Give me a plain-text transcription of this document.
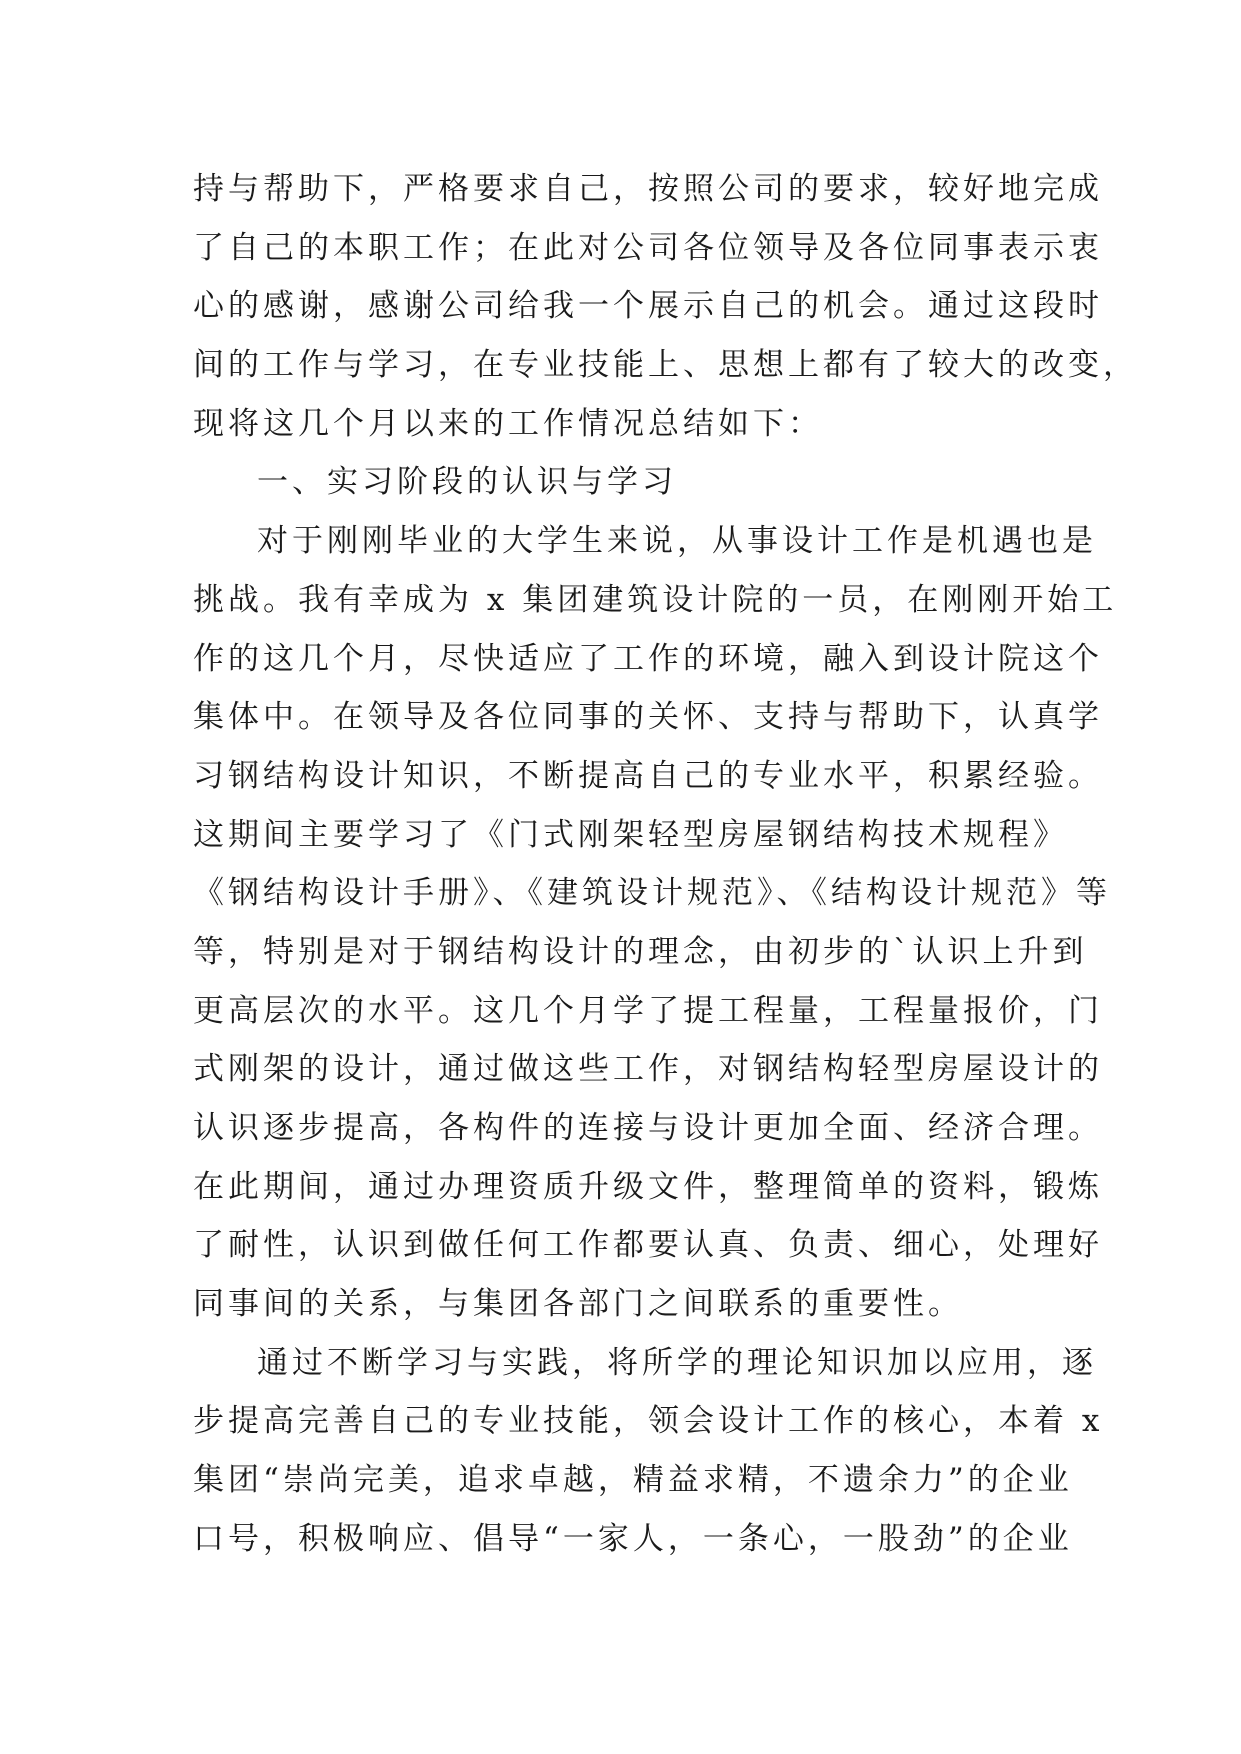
持与帮助下，严格要求自己，按照公司的要求，较好地完成
了自己的本职工作；在此对公司各位领导及各位同事表示衷
心的感谢，感谢公司给我一个展示自己的机会。通过这段时
间的工作与学习，在专业技能上、思想上都有了较大的改变，
现将这几个月以来的工作情况总结如下：
一、实习阶段的认识与学习
对于刚刚毕业的大学生来说，从事设计工作是机遇也是
挑战。我有幸成为 x 集团建筑设计院的一员，在刚刚开始工
作的这几个月，尽快适应了工作的环境，融入到设计院这个
集体中。在领导及各位同事的关怀、支持与帮助下，认真学
习钢结构设计知识，不断提高自己的专业水平，积累经验。
这期间主要学习了《门式刚架轻型房屋钢结构技术规程》
《钢结构设计手册》、《建筑设计规范》、《结构设计规范》等
等，特别是对于钢结构设计的理念，由初步的`认识上升到
更高层次的水平。这几个月学了提工程量，工程量报价，门
式刚架的设计，通过做这些工作，对钢结构轻型房屋设计的
认识逐步提高，各构件的连接与设计更加全面、经济合理。
在此期间，通过办理资质升级文件，整理简单的资料，锻炼
了耐性，认识到做任何工作都要认真、负责、细心，处理好
同事间的关系，与集团各部门之间联系的重要性。
通过不断学习与实践，将所学的理论知识加以应用，逐
步提高完善自己的专业技能，领会设计工作的核心，本着 x
集团“崇尚完美，追求卓越，精益求精，不遗余力”的企业
口号，积极响应、倡导“一家人，一条心，一股劲”的企业
